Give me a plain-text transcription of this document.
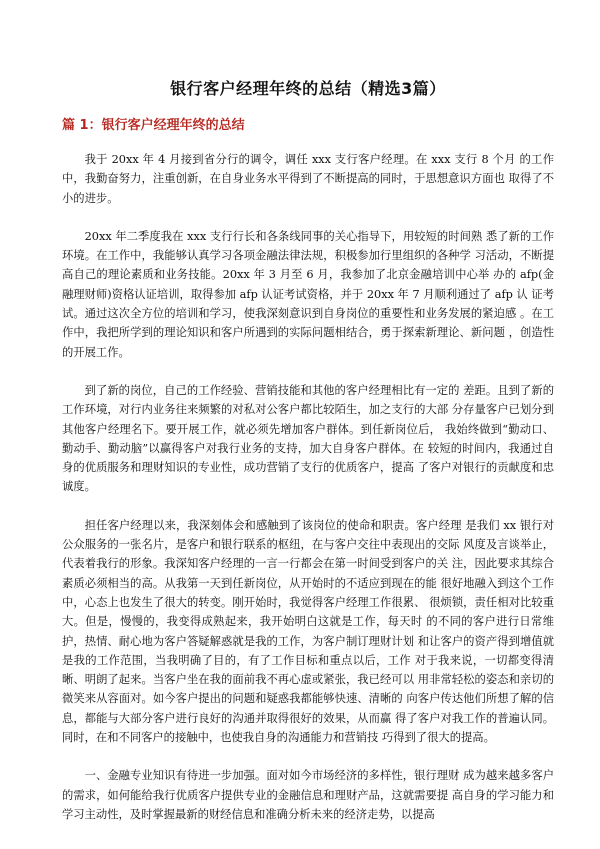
银行客户经理年终的总结（精选3篇）
篇 1：银行客户经理年终的总结

我于 20xx 年 4 月接到省分行的调令，调任 xxx 支行客户经理。在 xxx 支行 8 个月 的工作中，我勤奋努力，注重创新，在自身业务水平得到了不断提高的同时，于思想意识方面也 取得了不小的进步。

20xx 年二季度我在 xxx 支行行长和各条线同事的关心指导下，用较短的时间熟 悉了新的工作环境。在工作中，我能够认真学习各项金融法律法规，积极参加行里组织的各种学 习活动，不断提高自己的理论素质和业务技能。20xx 年 3 月至 6 月，我参加了北京金融培训中心举 办的 afp(金融理财师)资格认证培训，取得参加 afp 认证考试资格，并于 20xx 年 7 月顺利通过了 afp 认 证考试。通过这次全方位的培训和学习，使我深刻意识到自身岗位的重要性和业务发展的紧迫感 。在工作中，我把所学到的理论知识和客户所遇到的实际问题相结合，勇于探索新理论、新问题 ，创造性的开展工作。

到了新的岗位，自己的工作经验、营销技能和其他的客户经理相比有一定的 差距。且到了新的工作环境，对行内业务往来频繁的对私对公客户都比较陌生，加之支行的大部 分存量客户已划分到其他客户经理名下。要开展工作，就必须先增加客户群体。到任新岗位后， 我始终做到“勤动口、勤动手、勤动脑”以赢得客户对我行业务的支持，加大自身客户群体。在 较短的时间内，我通过自身的优质服务和理财知识的专业性，成功营销了支行的优质客户，提高 了客户对银行的贡献度和忠诚度。

担任客户经理以来，我深刻体会和感触到了该岗位的使命和职责。客户经理 是我们 xx 银行对公众服务的一张名片，是客户和银行联系的枢纽，在与客户交往中表现出的交际 风度及言谈举止，代表着我行的形象。我深知客户经理的一言一行都会在第一时间受到客户的关 注，因此要求其综合素质必须相当的高。从我第一天到任新岗位，从开始时的不适应到现在的能 很好地融入到这个工作中，心态上也发生了很大的转变。刚开始时，我觉得客户经理工作很累、 很烦锁，责任相对比较重大。但是，慢慢的，我变得成熟起来，我开始明白这就是工作，每天时 的不同的客户进行日常维护，热情、耐心地为客户答疑解惑就是我的工作，为客户制订理财计划 和让客户的资产得到增值就是我的工作范围，当我明确了目的，有了工作目标和重点以后，工作 对于我来说，一切都变得清晰、明朗了起来。当客户坐在我的面前我不再心虚或紧张，我已经可以 用非常轻松的姿态和亲切的微笑来从容面对。如今客户提出的问题和疑惑我都能够快速、清晰的 向客户传达他们所想了解的信息，都能与大部分客户进行良好的沟通并取得很好的效果，从而赢 得了客户对我工作的普遍认同。同时，在和不同客户的接触中，也使我自身的沟通能力和营销技 巧得到了很大的提高。

一、金融专业知识有待进一步加强。面对如今市场经济的多样性，银行理财 成为越来越多客户的需求，如何能给我行优质客户提供专业的金融信息和理财产品，这就需要提 高自身的学习能力和学习主动性，及时掌握最新的财经信息和准确分析未来的经济走势，以提高
